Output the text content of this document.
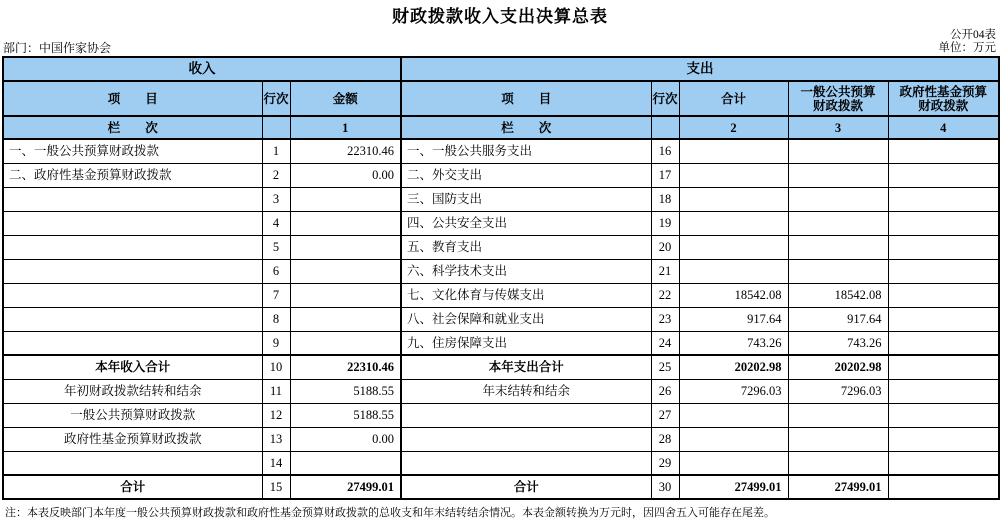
财政拨款收入支出决算总表
部门：中国作家协会
公开04表
单位：万元
收入			支出				
项　　目	行次	金额	项　　目	行次	合计	一般公共预算财政拨款	政府性基金预算财政拨款
栏　　次		1	栏　　次		2	3	4
一、一般公共预算财政拨款	1	22310.46	一、一般公共服务支出	16			
二、政府性基金预算财政拨款	2	0.00	二、外交支出	17			
	3		三、国防支出	18			
	4		四、公共安全支出	19			
	5		五、教育支出	20			
	6		六、科学技术支出	21			
	7		七、文化体育与传媒支出	22	18542.08	18542.08	
	8		八、社会保障和就业支出	23	917.64	917.64	
	9		九、住房保障支出	24	743.26	743.26	
本年收入合计	10	22310.46	本年支出合计	25	20202.98	20202.98	
年初财政拨款结转和结余	11	5188.55	年末结转和结余	26	7296.03	7296.03	
一般公共预算财政拨款	12	5188.55		27			
政府性基金预算财政拨款	13	0.00		28			
	14			29			
合计	15	27499.01	合计	30	27499.01	27499.01	
注：本表反映部门本年度一般公共预算财政拨款和政府性基金预算财政拨款的总收支和年末结转结余情况。本表金额转换为万元时，因四舍五入可能存在尾差。
